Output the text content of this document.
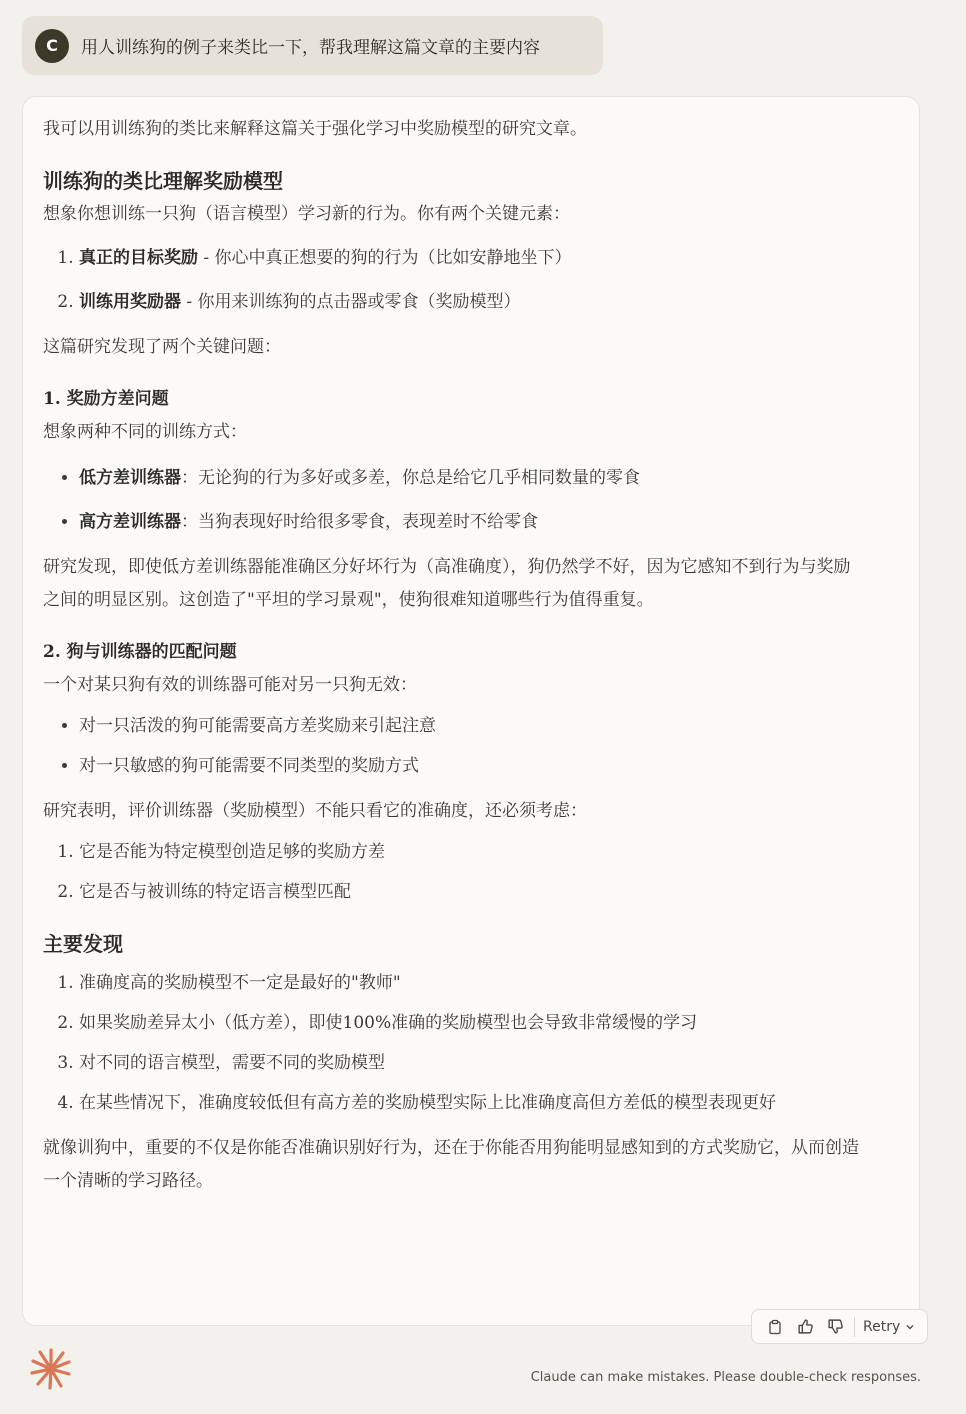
C	用人训练狗的例子来类比一下，帮我理解这篇文章的主要内容

我可以用训练狗的类比来解释这篇关于强化学习中奖励模型的研究文章。

训练狗的类比理解奖励模型

想象你想训练一只狗（语言模型）学习新的行为。你有两个关键元素：

1. 真正的目标奖励 - 你心中真正想要的狗的行为（比如安静地坐下）
2. 训练用奖励器 - 你用来训练狗的点击器或零食（奖励模型）

这篇研究发现了两个关键问题：

1. 奖励方差问题

想象两种不同的训练方式：

• 低方差训练器：无论狗的行为多好或多差，你总是给它几乎相同数量的零食
• 高方差训练器：当狗表现好时给很多零食，表现差时不给零食

研究发现，即使低方差训练器能准确区分好坏行为（高准确度），狗仍然学不好，因为它感知不到行为与奖励之间的明显区别。这创造了"平坦的学习景观"，使狗很难知道哪些行为值得重复。

2. 狗与训练器的匹配问题

一个对某只狗有效的训练器可能对另一只狗无效：

• 对一只活泼的狗可能需要高方差奖励来引起注意
• 对一只敏感的狗可能需要不同类型的奖励方式

研究表明，评价训练器（奖励模型）不能只看它的准确度，还必须考虑：

1. 它是否能为特定模型创造足够的奖励方差
2. 它是否与被训练的特定语言模型匹配
主要发现
1. 准确度高的奖励模型不一定是最好的"教师"
2. 如果奖励差异太小（低方差），即使100%准确的奖励模型也会导致非常缓慢的学习
3. 对不同的语言模型，需要不同的奖励模型
4. 在某些情况下，准确度较低但有高方差的奖励模型实际上比准确度高但方差低的模型表现更好

就像训狗中，重要的不仅是你能否准确识别好行为，还在于你能否用狗能明显感知到的方式奖励它，从而创造一个清晰的学习路径。

Retry
Claude can make mistakes. Please double-check responses.
